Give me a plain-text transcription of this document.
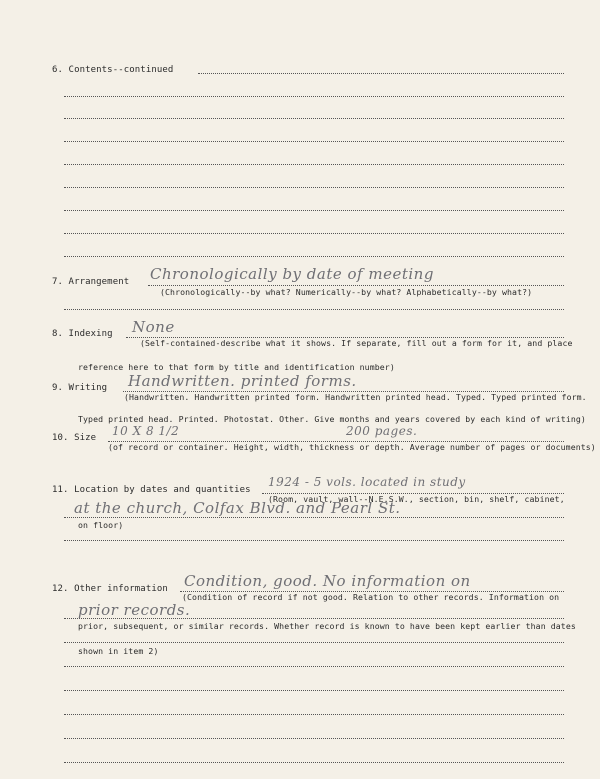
6. Contents--continued
7. Arrangement Chronologically by date of meeting
(Chronologically--by what? Numerically--by what? Alphabetically--by what?)
8. Indexing None
(Self-contained-describe what it shows. If separate, fill out a form for it, and place
reference here to that form by title and identification number)
9. Writing Handwritten. printed forms.
(Handwritten. Handwritten printed form. Handwritten printed head. Typed. Typed printed form.
Typed printed head. Printed. Photostat. Other. Give months and years covered by each kind of writing)
10. Size 10 X 8 1/2	200 pages.
(of record or container. Height, width, thickness or depth. Average number of pages or documents)
11. Location by dates and quantities
1924 - 5 vols. located in study
(Room, vault, wall--N.E.S.W., section, bin, shelf, cabinet,
at the church, Colfax Blvd. and Pearl St.
on floor)
12. Other information Condition, good. No information on
(Condition of record if not good. Relation to other records. Information on
prior records.
prior, subsequent, or similar records. Whether record is known to have been kept earlier than dates
shown in item 2)
